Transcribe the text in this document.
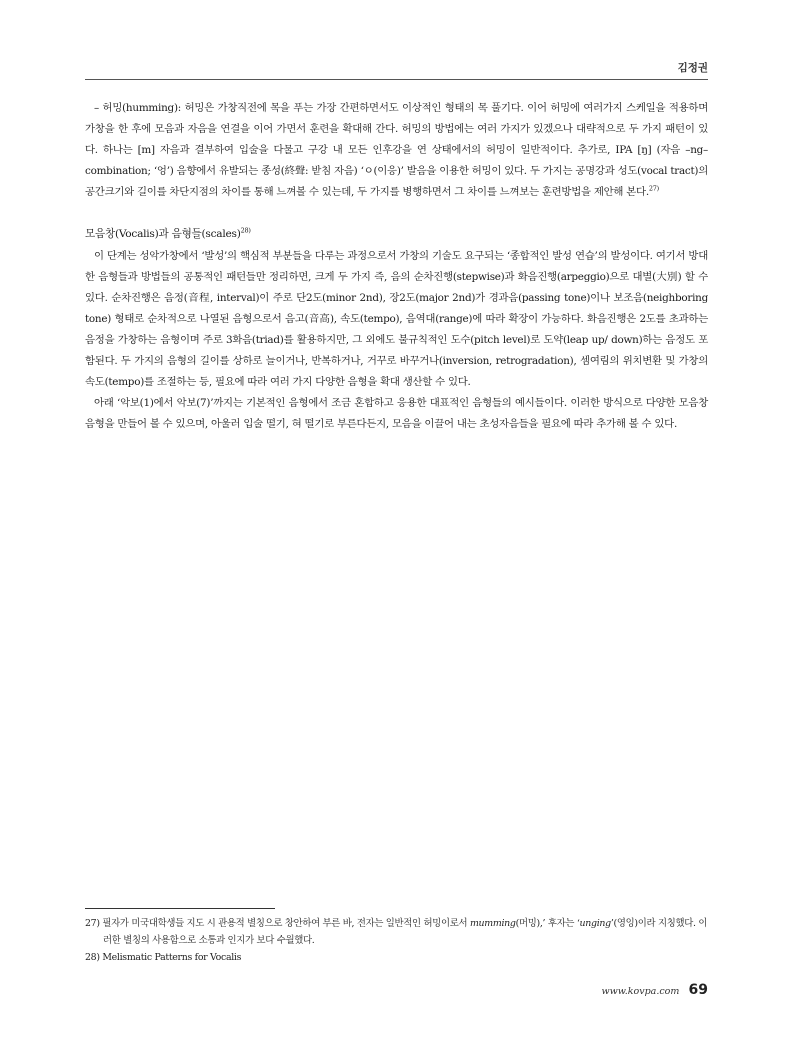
김정권

– 허밍(humming): 허밍은 가창직전에 목을 푸는 가장 간편하면서도 이상적인 형태의 목 풀기다. 이어 허밍에 여러가지 스케일을 적용하며 가창을 한 후에 모음과 자음을 연결을 이어 가면서 훈련을 확대해 간다. 허밍의 방법에는 여러 가지가 있겠으나 대략적으로 두 가지 패턴이 있다. 하나는 [m] 자음과 결부하여 입술을 다물고 구강 내 모든 인후강을 연 상태에서의 허밍이 일반적이다. 추가로, IPA [ŋ] (자음 –ng– combination; ‘엉’) 음향에서 유발되는 종성(終聲: 받침 자음) ‘ㅇ(이응)’ 발음을 이용한 허밍이 있다. 두 가지는 공명강과 성도(vocal tract)의 공간크기와 길이를 차단지점의 차이를 통해 느껴볼 수 있는데, 두 가지를 병행하면서 그 차이를 느껴보는 훈련방법을 제안해 본다.$^{27)}$

모음창(Vocalis)과 음형들(scales)$^{28)}$

이 단계는 성악가창에서 ‘발성’의 핵심적 부분들을 다루는 과정으로서 가창의 기술도 요구되는 ‘종합적인 발성 연습’의 발성이다. 여기서 방대한 음형들과 방법들의 공통적인 패턴들만 정리하면, 크게 두 가지 즉, 음의 순차진행(stepwise)과 화음진행(arpeggio)으로 대별(大別) 할 수 있다. 순차진행은 음정(音程, interval)이 주로 단2도(minor 2nd), 장2도(major 2nd)가 경과음(passing tone)이나 보조음(neighboring tone) 형태로 순차적으로 나열된 음형으로서 음고(音高), 속도(tempo), 음역대(range)에 따라 확장이 가능하다. 화음진행은 2도를 초과하는 음정을 가창하는 음형이며 주로 3화음(triad)를 활용하지만, 그 외에도 불규칙적인 도수(pitch level)로 도약(leap up/ down)하는 음정도 포함된다. 두 가지의 음형의 길이를 상하로 늘이거나, 반복하거나, 거꾸로 바꾸거나(inversion, retrogradation), 셈여림의 위치변환 및 가창의 속도(tempo)를 조절하는 등, 필요에 따라 여러 가지 다양한 음형을 확대 생산할 수 있다.

아래 ‘악보(1)에서 악보(7)’까지는 기본적인 음형에서 조금 혼합하고 응용한 대표적인 음형들의 예시들이다. 이러한 방식으로 다양한 모음창 음형을 만들어 볼 수 있으며, 아울러 입술 떨기, 혀 떨기로 부른다든지, 모음을 이끌어 내는 초성자음들을 필요에 따라 추가해 볼 수 있다.

27) 필자가 미국대학생들 지도 시 관용적 별칭으로 창안하여 부른 바, 전자는 일반적인 허밍이로서 mumming(머밍),’ 후자는 ‘unging’(영잉)이라 지칭했다. 이러한 별칭의 사용함으로 소통과 인지가 보다 수월했다.

28) Melismatic Patterns for Vocalis

www.kovpa.com 69
